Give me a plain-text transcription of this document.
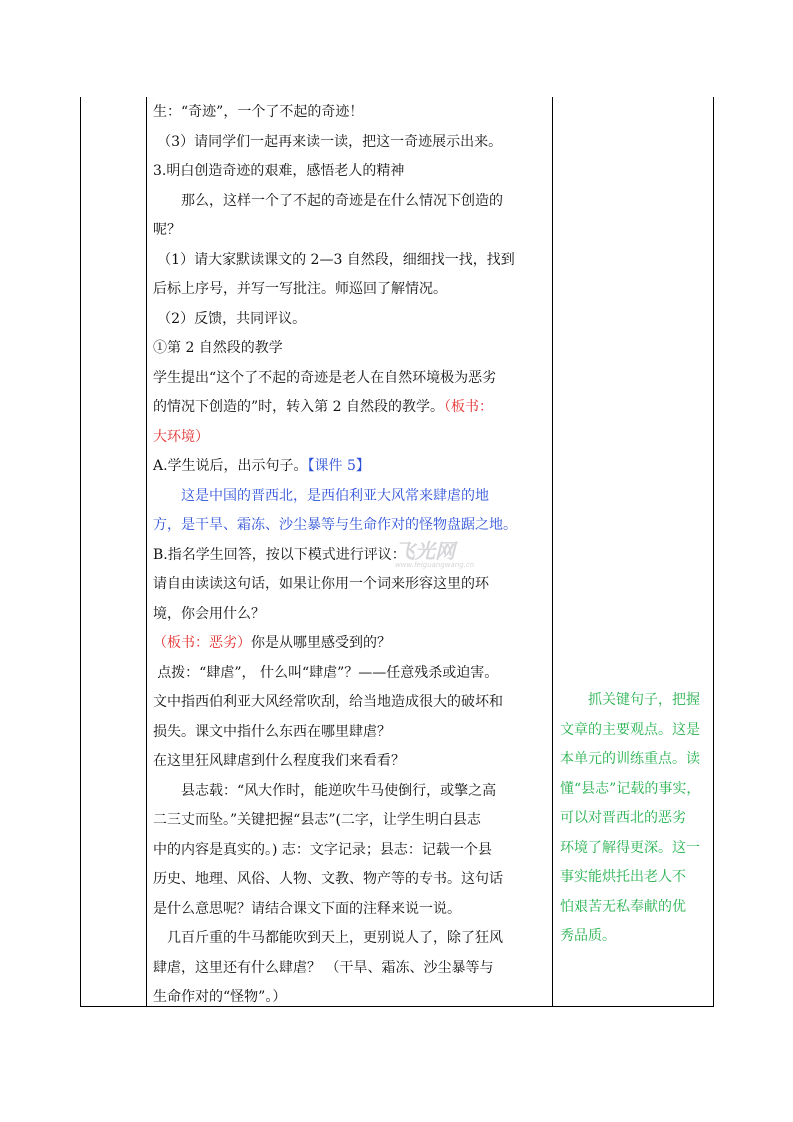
生：“奇迹”，一个了不起的奇迹！

（3）请同学们一起再来读一读，把这一奇迹展示出来。

3.明白创造奇迹的艰难，感悟老人的精神

那么，这样一个了不起的奇迹是在什么情况下创造的

呢？

（1）请大家默读课文的 2—3 自然段，细细找一找，找到

后标上序号，并写一写批注。师巡回了解情况。

（2）反馈，共同评议。

①第 2 自然段的教学

学生提出“这个了不起的奇迹是老人在自然环境极为恶劣

的情况下创造的”时，转入第 2 自然段的教学。（板书：

大环境）

A.学生说后，出示句子。【课件 5】

这是中国的晋西北，是西伯利亚大风常来肆虐的地

方，是干旱、霜冻、沙尘暴等与生命作对的怪物盘踞之地。

B.指名学生回答，按以下模式进行评议：

请自由读读这句话，如果让你用一个词来形容这里的环

境，你会用什么？

（板书：恶劣）你是从哪里感受到的？

点拨：“肆虐”， 什么叫“肆虐”？——任意残杀或迫害。

文中指西伯利亚大风经常吹刮，给当地造成很大的破坏和

损失。课文中指什么东西在哪里肆虐？

在这里狂风肆虐到什么程度我们来看看？

县志载：“风大作时，能逆吹牛马使倒行，或擎之高

二三丈而坠。”关键把握“县志”(二字，让学生明白县志

中的内容是真实的。) 志：文字记录；县志：记载一个县

历史、地理、风俗、人物、文教、物产等的专书。这句话

是什么意思呢？请结合课文下面的注释来说一说。

几百斤重的牛马都能吹到天上，更别说人了，除了狂风

肆虐，这里还有什么肆虐？ （干旱、霜冻、沙尘暴等与

生命作对的“怪物”。）

抓关键句子，把握

文章的主要观点。这是

本单元的训练重点。读

懂“县志”记载的事实，

可以对晋西北的恶劣

环境了解得更深。这一

事实能烘托出老人不

怕艰苦无私奉献的优

秀品质。

飞光网
www.feiguangwang.cn
